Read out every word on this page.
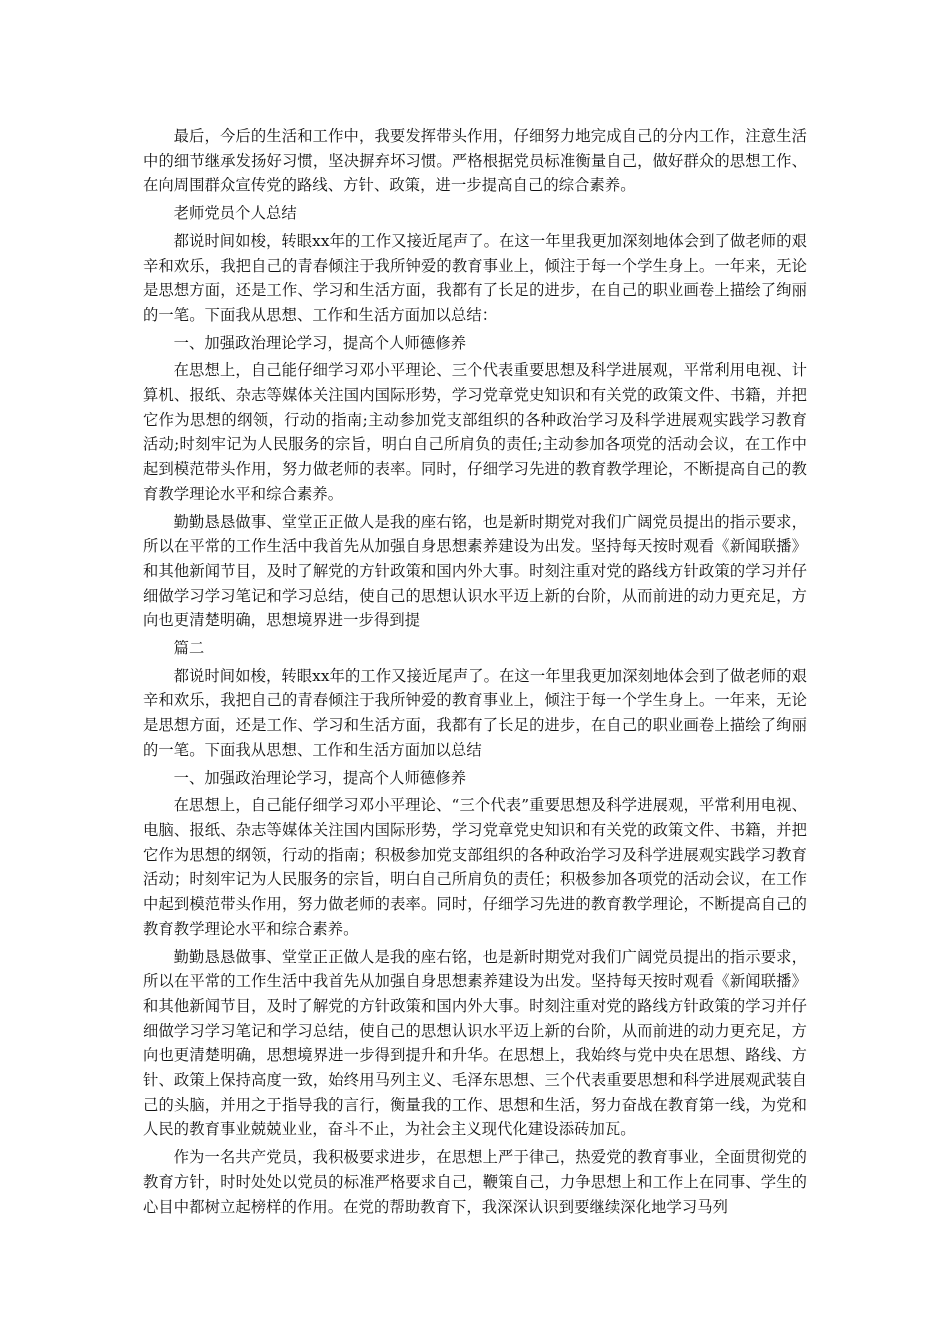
最后，今后的生活和工作中，我要发挥带头作用，仔细努力地完成自己的分内工作，注意生活中的细节继承发扬好习惯，坚决摒弃坏习惯。严格根据党员标准衡量自己，做好群众的思想工作、在向周围群众宣传党的路线、方针、政策，进一步提高自己的综合素养。

老师党员个人总结

都说时间如梭，转眼xx年的工作又接近尾声了。在这一年里我更加深刻地体会到了做老师的艰辛和欢乐，我把自己的青春倾注于我所钟爱的教育事业上，倾注于每一个学生身上。一年来，无论是思想方面，还是工作、学习和生活方面，我都有了长足的进步，在自己的职业画卷上描绘了绚丽的一笔。下面我从思想、工作和生活方面加以总结：

一、加强政治理论学习，提高个人师德修养

在思想上，自己能仔细学习邓小平理论、三个代表重要思想及科学进展观，平常利用电视、计算机、报纸、杂志等媒体关注国内国际形势，学习党章党史知识和有关党的政策文件、书籍，并把它作为思想的纲领，行动的指南;主动参加党支部组织的各种政治学习及科学进展观实践学习教育活动;时刻牢记为人民服务的宗旨，明白自己所肩负的责任;主动参加各项党的活动会议，在工作中起到模范带头作用，努力做老师的表率。同时，仔细学习先进的教育教学理论，不断提高自己的教育教学理论水平和综合素养。

勤勤恳恳做事、堂堂正正做人是我的座右铭，也是新时期党对我们广阔党员提出的指示要求，所以在平常的工作生活中我首先从加强自身思想素养建设为出发。坚持每天按时观看《新闻联播》和其他新闻节目，及时了解党的方针政策和国内外大事。时刻注重对党的路线方针政策的学习并仔细做学习学习笔记和学习总结，使自己的思想认识水平迈上新的台阶，从而前进的动力更充足，方向也更清楚明确，思想境界进一步得到提

篇二

都说时间如梭，转眼xx年的工作又接近尾声了。在这一年里我更加深刻地体会到了做老师的艰辛和欢乐，我把自己的青春倾注于我所钟爱的教育事业上，倾注于每一个学生身上。一年来，无论是思想方面，还是工作、学习和生活方面，我都有了长足的进步，在自己的职业画卷上描绘了绚丽的一笔。下面我从思想、工作和生活方面加以总结

一、加强政治理论学习，提高个人师德修养

在思想上，自己能仔细学习邓小平理论、“三个代表”重要思想及科学进展观，平常利用电视、电脑、报纸、杂志等媒体关注国内国际形势，学习党章党史知识和有关党的政策文件、书籍，并把它作为思想的纲领，行动的指南；积极参加党支部组织的各种政治学习及科学进展观实践学习教育活动；时刻牢记为人民服务的宗旨，明白自己所肩负的责任；积极参加各项党的活动会议，在工作中起到模范带头作用，努力做老师的表率。同时，仔细学习先进的教育教学理论，不断提高自己的教育教学理论水平和综合素养。

勤勤恳恳做事、堂堂正正做人是我的座右铭，也是新时期党对我们广阔党员提出的指示要求，所以在平常的工作生活中我首先从加强自身思想素养建设为出发。坚持每天按时观看《新闻联播》和其他新闻节目，及时了解党的方针政策和国内外大事。时刻注重对党的路线方针政策的学习并仔细做学习学习笔记和学习总结，使自己的思想认识水平迈上新的台阶，从而前进的动力更充足，方向也更清楚明确，思想境界进一步得到提升和升华。在思想上，我始终与党中央在思想、路线、方针、政策上保持高度一致，始终用马列主义、毛泽东思想、三个代表重要思想和科学进展观武装自己的头脑，并用之于指导我的言行，衡量我的工作、思想和生活，努力奋战在教育第一线，为党和人民的教育事业兢兢业业，奋斗不止，为社会主义现代化建设添砖加瓦。

作为一名共产党员，我积极要求进步，在思想上严于律己，热爱党的教育事业，全面贯彻党的教育方针，时时处处以党员的标准严格要求自己，鞭策自己，力争思想上和工作上在同事、学生的心目中都树立起榜样的作用。在党的帮助教育下，我深深认识到要继续深化地学习马列
